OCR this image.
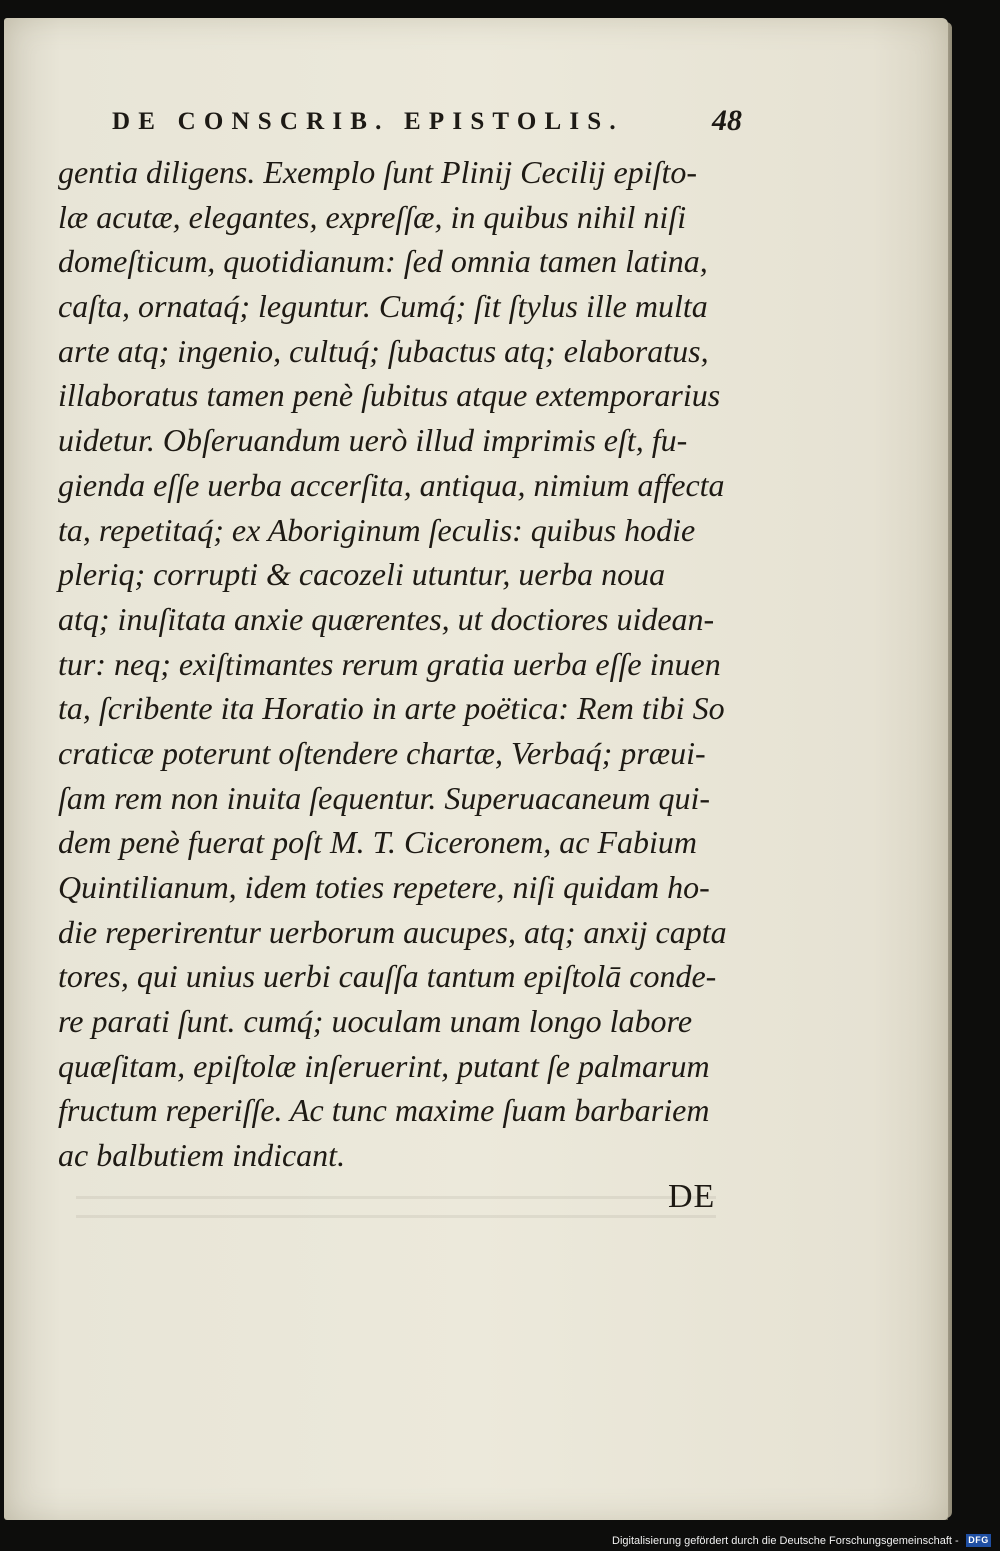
DE CONSCRIB. EPISTOLIS.	48
gentia diligens. Exemplo ſunt Plinij Cecilij epiſto-
læ acutæ, elegantes, expreſſæ, in quibus nihil niſi
domeſticum, quotidianum: ſed omnia tamen latina,
caſta, ornataq́; leguntur. Cumq́; ſit ſtylus ille multa
arte atq; ingenio, cultuq́; ſubactus atq; elaboratus,
illaboratus tamen penè ſubitus atque extemporarius
uidetur. Obſeruandum uerò illud imprimis eſt, fu-
gienda eſſe uerba accerſita, antiqua, nimium affecta
ta, repetitaq́; ex Aboriginum ſeculis: quibus hodie
pleriq; corrupti & cacozeli utuntur, uerba noua
atq; inuſitata anxie quærentes, ut doctiores uidean-
tur: neq; exiſtimantes rerum gratia uerba eſſe inuen
ta, ſcribente ita Horatio in arte poëtica: Rem tibi So
craticæ poterunt oſtendere chartæ, Verbaq́; præui-
ſam rem non inuita ſequentur. Superuacaneum qui-
dem penè fuerat poſt M. T. Ciceronem, ac Fabium
Quintilianum, idem toties repetere, niſi quidam ho-
die reperirentur uerborum aucupes, atq; anxij capta
tores, qui unius uerbi cauſſa tantum epiſtolā conde-
re parati ſunt. cumq́; uoculam unam longo labore
quæſitam, epiſtolæ inſeruerint, putant ſe palmarum
fructum reperiſſe. Ac tunc maxime ſuam barbariem
ac balbutiem indicant.
DE
Digitalisierung gefördert durch die Deutsche Forschungsgemeinschaft - DFG
